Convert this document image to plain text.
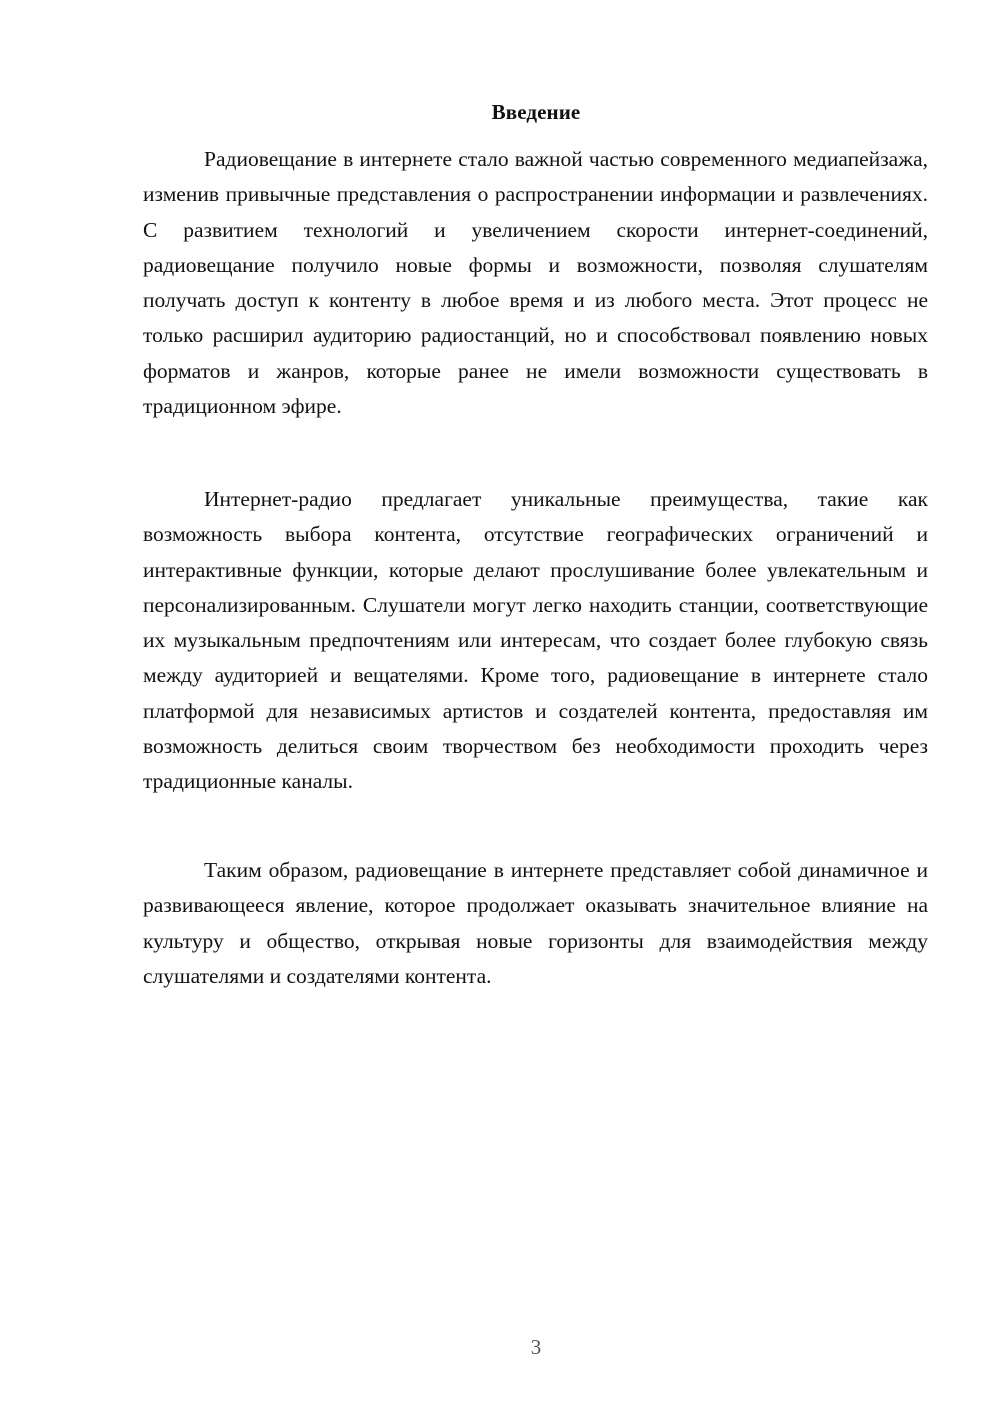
Введение

Радиовещание в интернете стало важной частью современного медиапейзажа, изменив привычные представления о распространении информации и развлечениях. С развитием технологий и увеличением скорости интернет-соединений, радиовещание получило новые формы и возможности, позволяя слушателям получать доступ к контенту в любое время и из любого места. Этот процесс не только расширил аудиторию радиостанций, но и способствовал появлению новых форматов и жанров, которые ранее не имели возможности существовать в традиционном эфире.

Интернет-радио предлагает уникальные преимущества, такие как возможность выбора контента, отсутствие географических ограничений и интерактивные функции, которые делают прослушивание более увлекательным и персонализированным. Слушатели могут легко находить станции, соответствующие их музыкальным предпочтениям или интересам, что создает более глубокую связь между аудиторией и вещателями. Кроме того, радиовещание в интернете стало платформой для независимых артистов и создателей контента, предоставляя им возможность делиться своим творчеством без необходимости проходить через традиционные каналы.

Таким образом, радиовещание в интернете представляет собой динамичное и развивающееся явление, которое продолжает оказывать значительное влияние на культуру и общество, открывая новые горизонты для взаимодействия между слушателями и создателями контента.

3
